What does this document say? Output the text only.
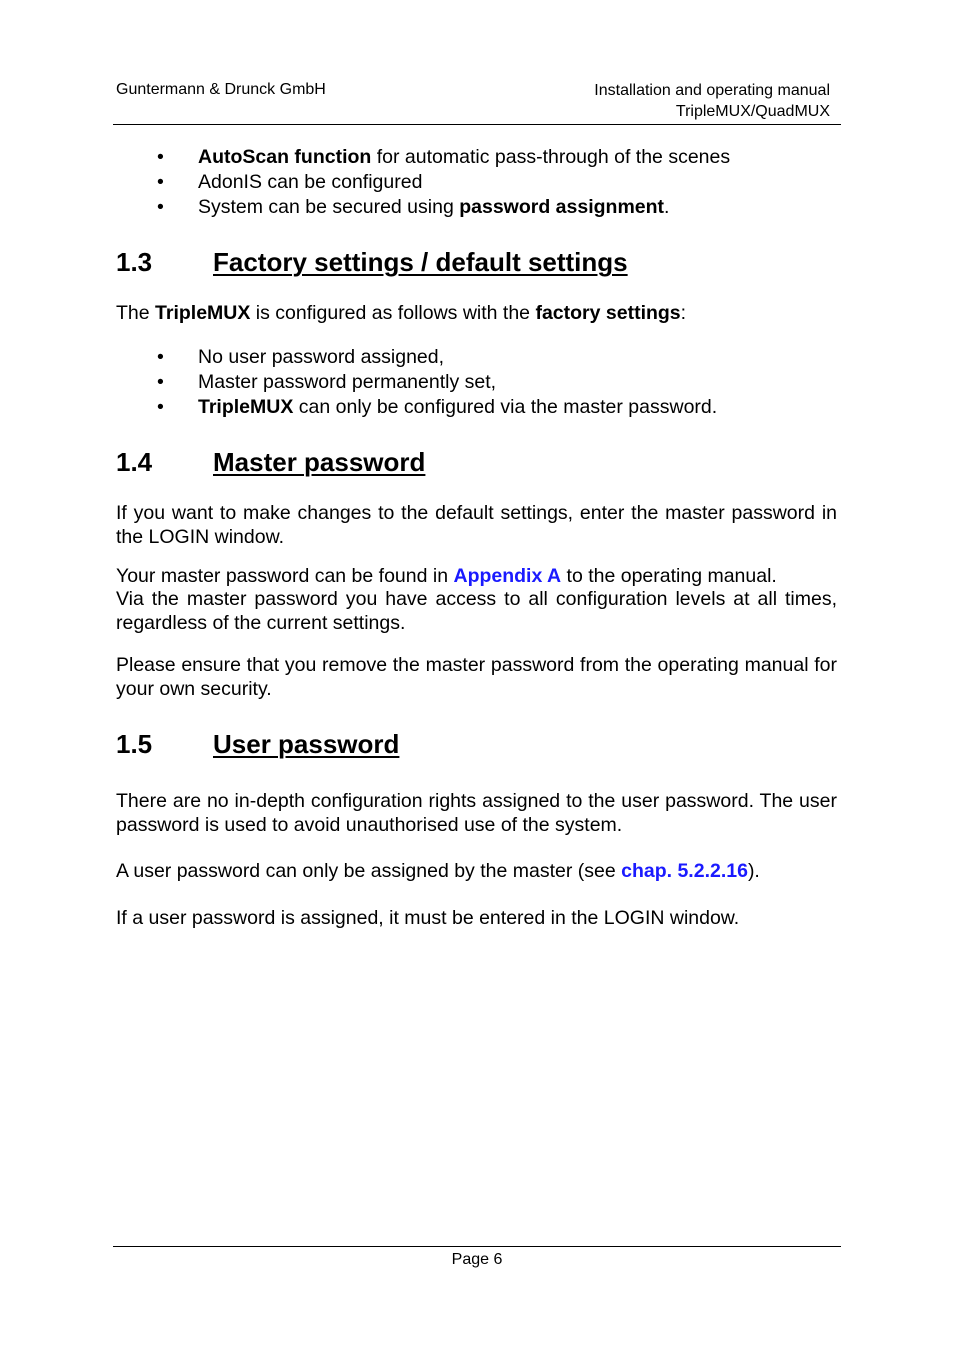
Guntermann & Drunck GmbH	Installation and operating manual
TripleMUX/QuadMUX
• AutoScan function for automatic pass-through of the scenes
• AdonIS can be configured
• System can be secured using password assignment.
1.3 Factory settings / default settings

The TripleMUX is configured as follows with the factory settings:

• No user password assigned,
• Master password permanently set,
• TripleMUX can only be configured via the master password.
1.4 Master password

If you want to make changes to the default settings, enter the master password in the LOGIN window.

Your master password can be found in Appendix A to the operating manual.

Via the master password you have access to all configuration levels at all times, regardless of the current settings.

Please ensure that you remove the master password from the operating manual for your own security.

1.5 User password

There are no in-depth configuration rights assigned to the user password. The user password is used to avoid unauthorised use of the system.

A user password can only be assigned by the master (see chap. 5.2.2.16).

If a user password is assigned, it must be entered in the LOGIN window.

Page 6
